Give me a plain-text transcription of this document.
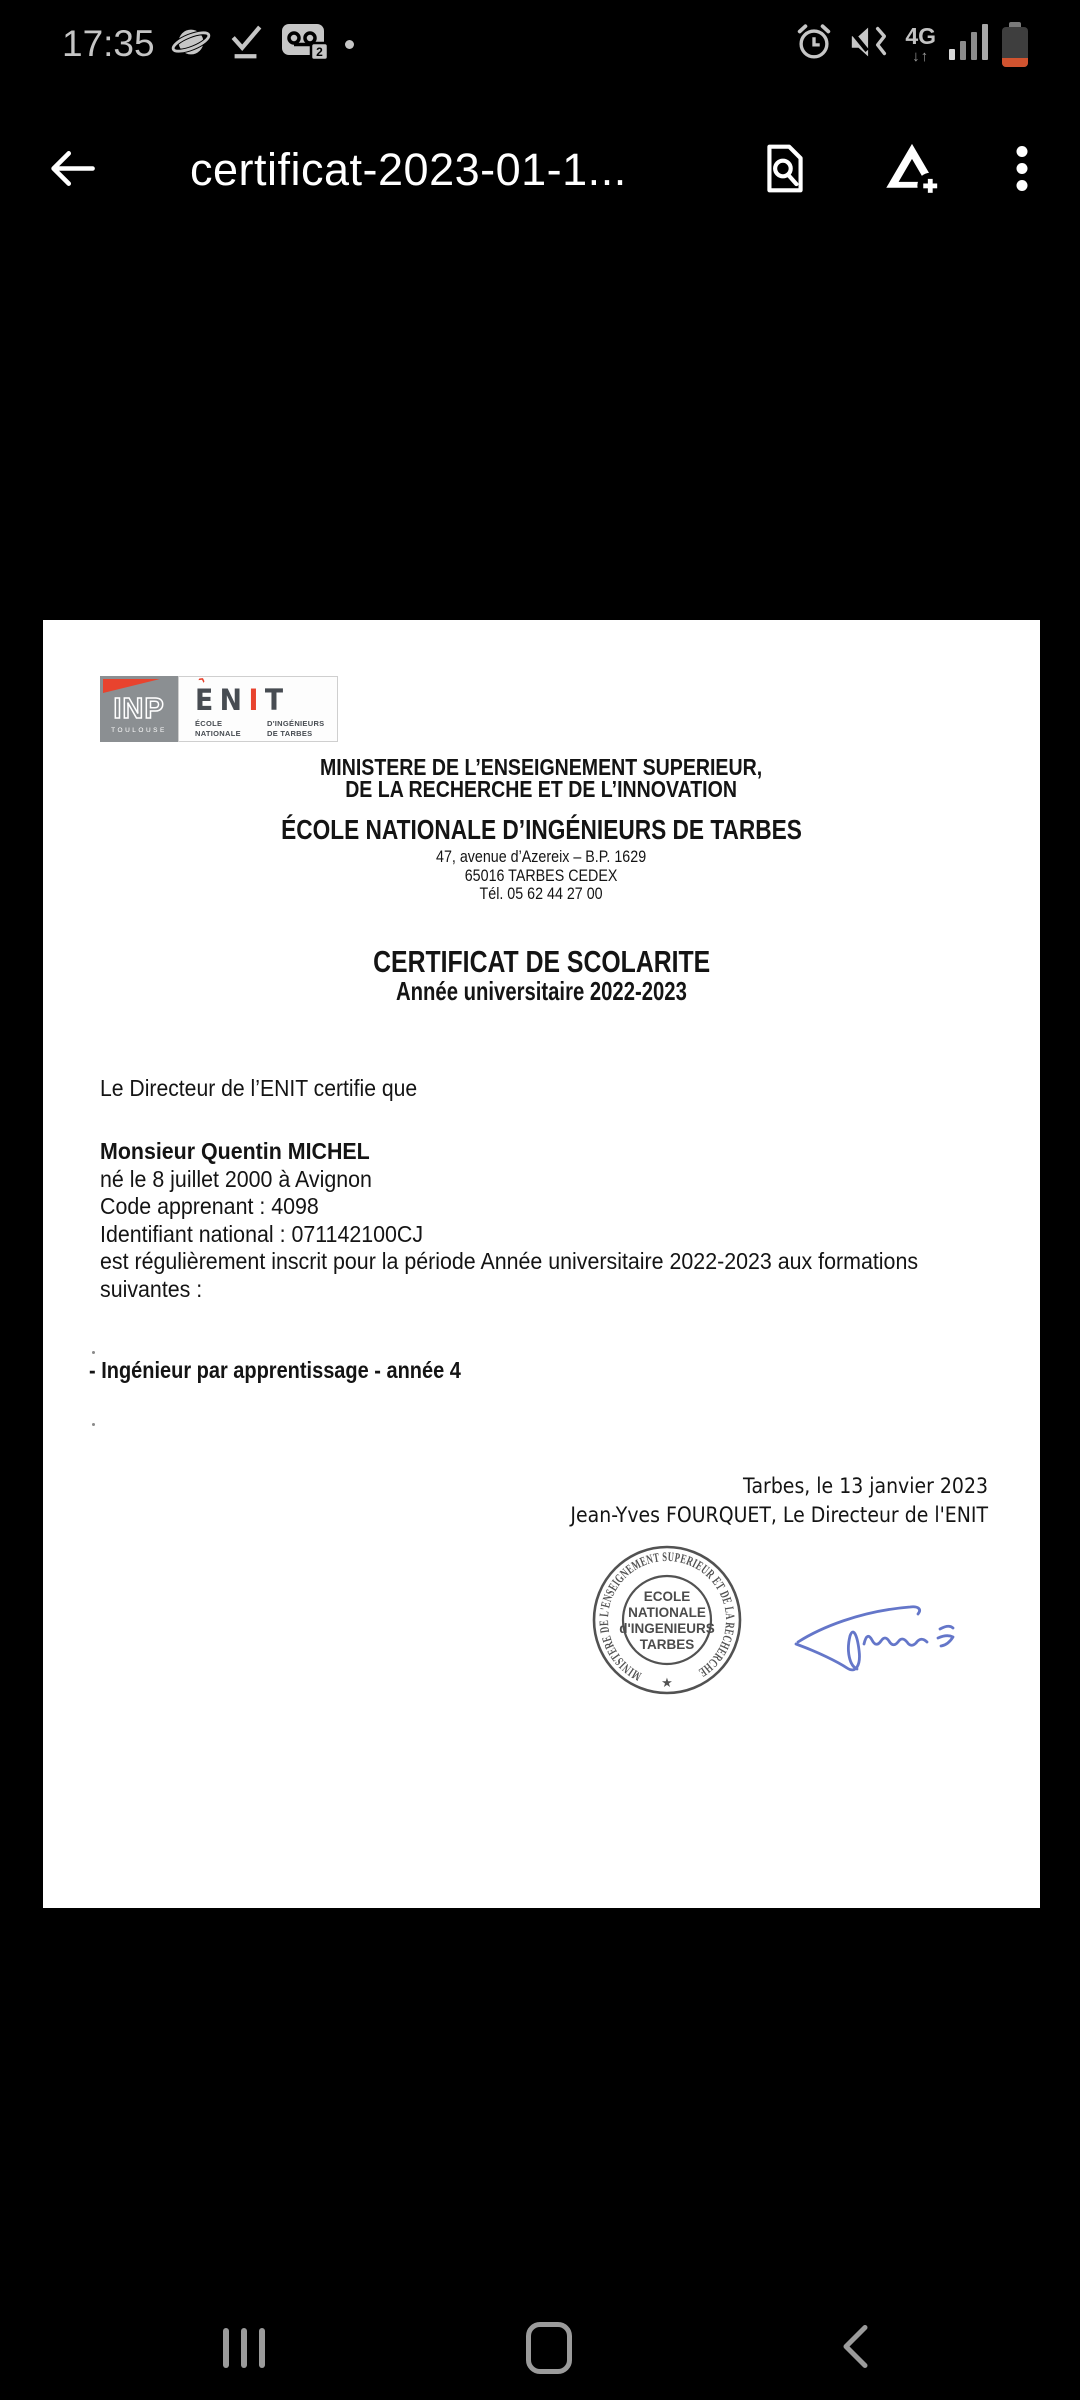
17:35	2
4G
↓↑
certificat-2023-01-1...
INP
TOULOUSE
›
ENIT
ÉCOLE
NATIONALE
D'INGÉNIEURS
DE TARBES
MINISTERE DE L’ENSEIGNEMENT SUPERIEUR,
DE LA RECHERCHE ET DE L’INNOVATION
ÉCOLE NATIONALE D’INGÉNIEURS DE TARBES
47, avenue d’Azereix – B.P. 1629
65016 TARBES CEDEX
Tél. 05 62 44 27 00
CERTIFICAT DE SCOLARITE
Année universitaire 2022-2023
Le Directeur de l’ENIT certifie que
Monsieur Quentin MICHEL
né le 8 juillet 2000 à Avignon
Code apprenant : 4098
Identifiant national : 071142100CJ
est régulièrement inscrit pour la période Année universitaire 2022-2023 aux formations
suivantes :
- Ingénieur par apprentissage - année 4
Tarbes, le 13 janvier 2023
Jean-Yves FOURQUET, Le Directeur de l'ENIT
MINISTERE DE L'ENSEIGNEMENT SUPERIEUR ET DE LA RECHERCHE
★
ECOLE
NATIONALE
d'INGENIEURS
TARBES
